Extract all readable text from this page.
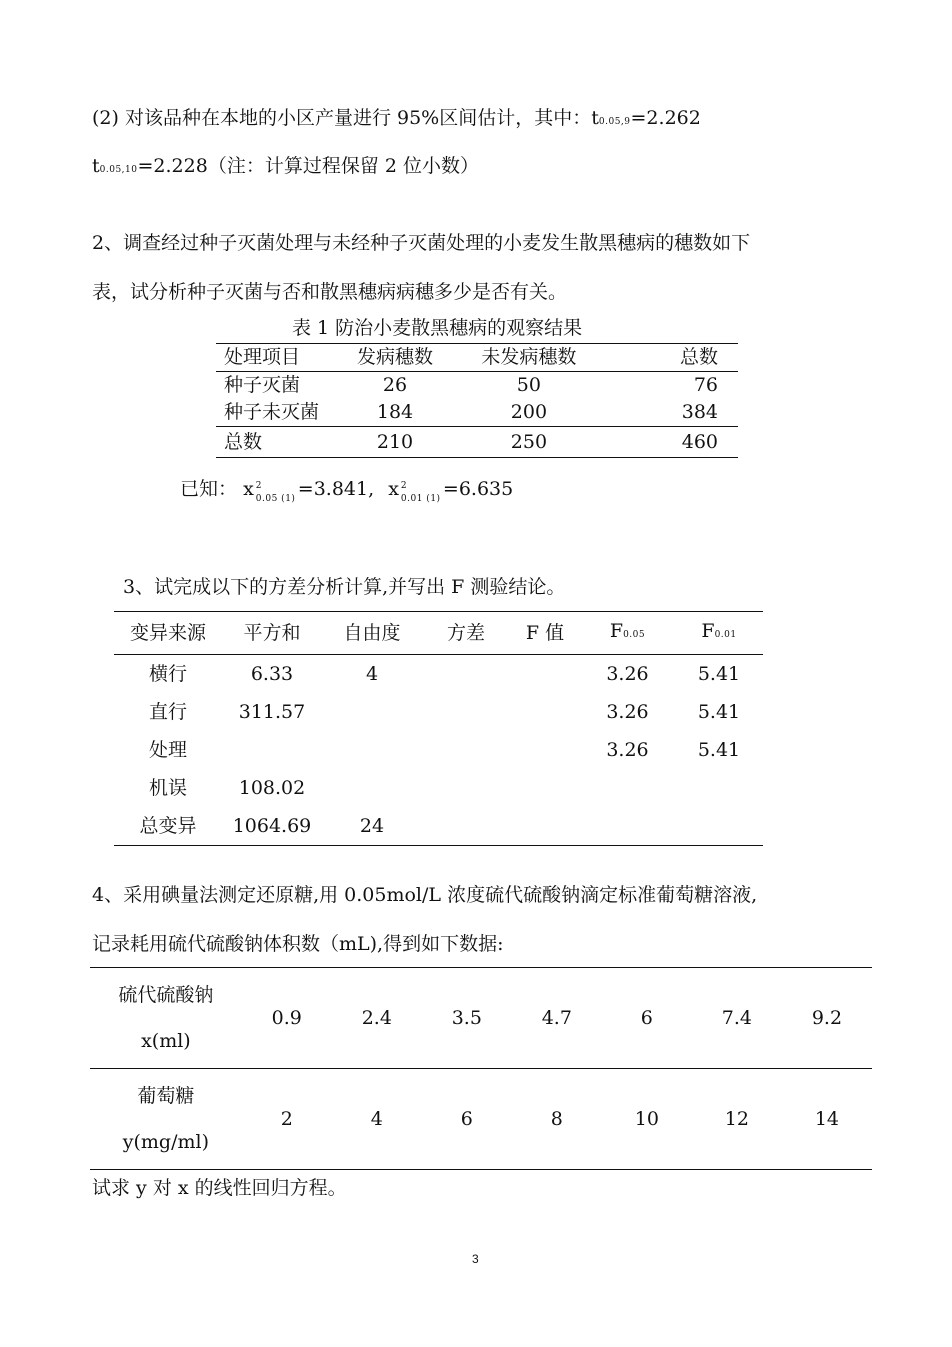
(2) 对该品种在本地的小区产量进行 95%区间估计，其中：t0.05,9=2.262
t0.05,10=2.228（注：计算过程保留 2 位小数）
2、调查经过种子灭菌处理与未经种子灭菌处理的小麦发生散黑穗病的穗数如下
表，试分析种子灭菌与否和散黑穗病病穗多少是否有关。
表 1 防治小麦散黑穗病的观察结果
处理项目	发病穗数	未发病穗数	总数
种子灭菌	26	50	76
种子未灭菌	184	200	384
总数	210	250	460
已知： x 2
0.05 (1) =3.841, x 2
0.01 (1) =6.635
3、试完成以下的方差分析计算,并写出 F 测验结论。
变异来源	平方和	自由度	方差	F 值	F0.05	F0.01
横行	6.33	4			3.26	5.41
直行	311.57				3.26	5.41
处理					3.26	5.41
机误	108.02					
总变异	1064.69	24				
4、采用碘量法测定还原糖,用 0.05mol/L 浓度硫代硫酸钠滴定标准葡萄糖溶液,
记录耗用硫代硫酸钠体积数（mL),得到如下数据:
硫代硫酸钠
x(ml)	0.9	2.4	3.5	4.7	6	7.4	9.2

葡萄糖
y(mg/ml)	2	4	6	8	10	12	14
试求 y 对 x 的线性回归方程。
3
